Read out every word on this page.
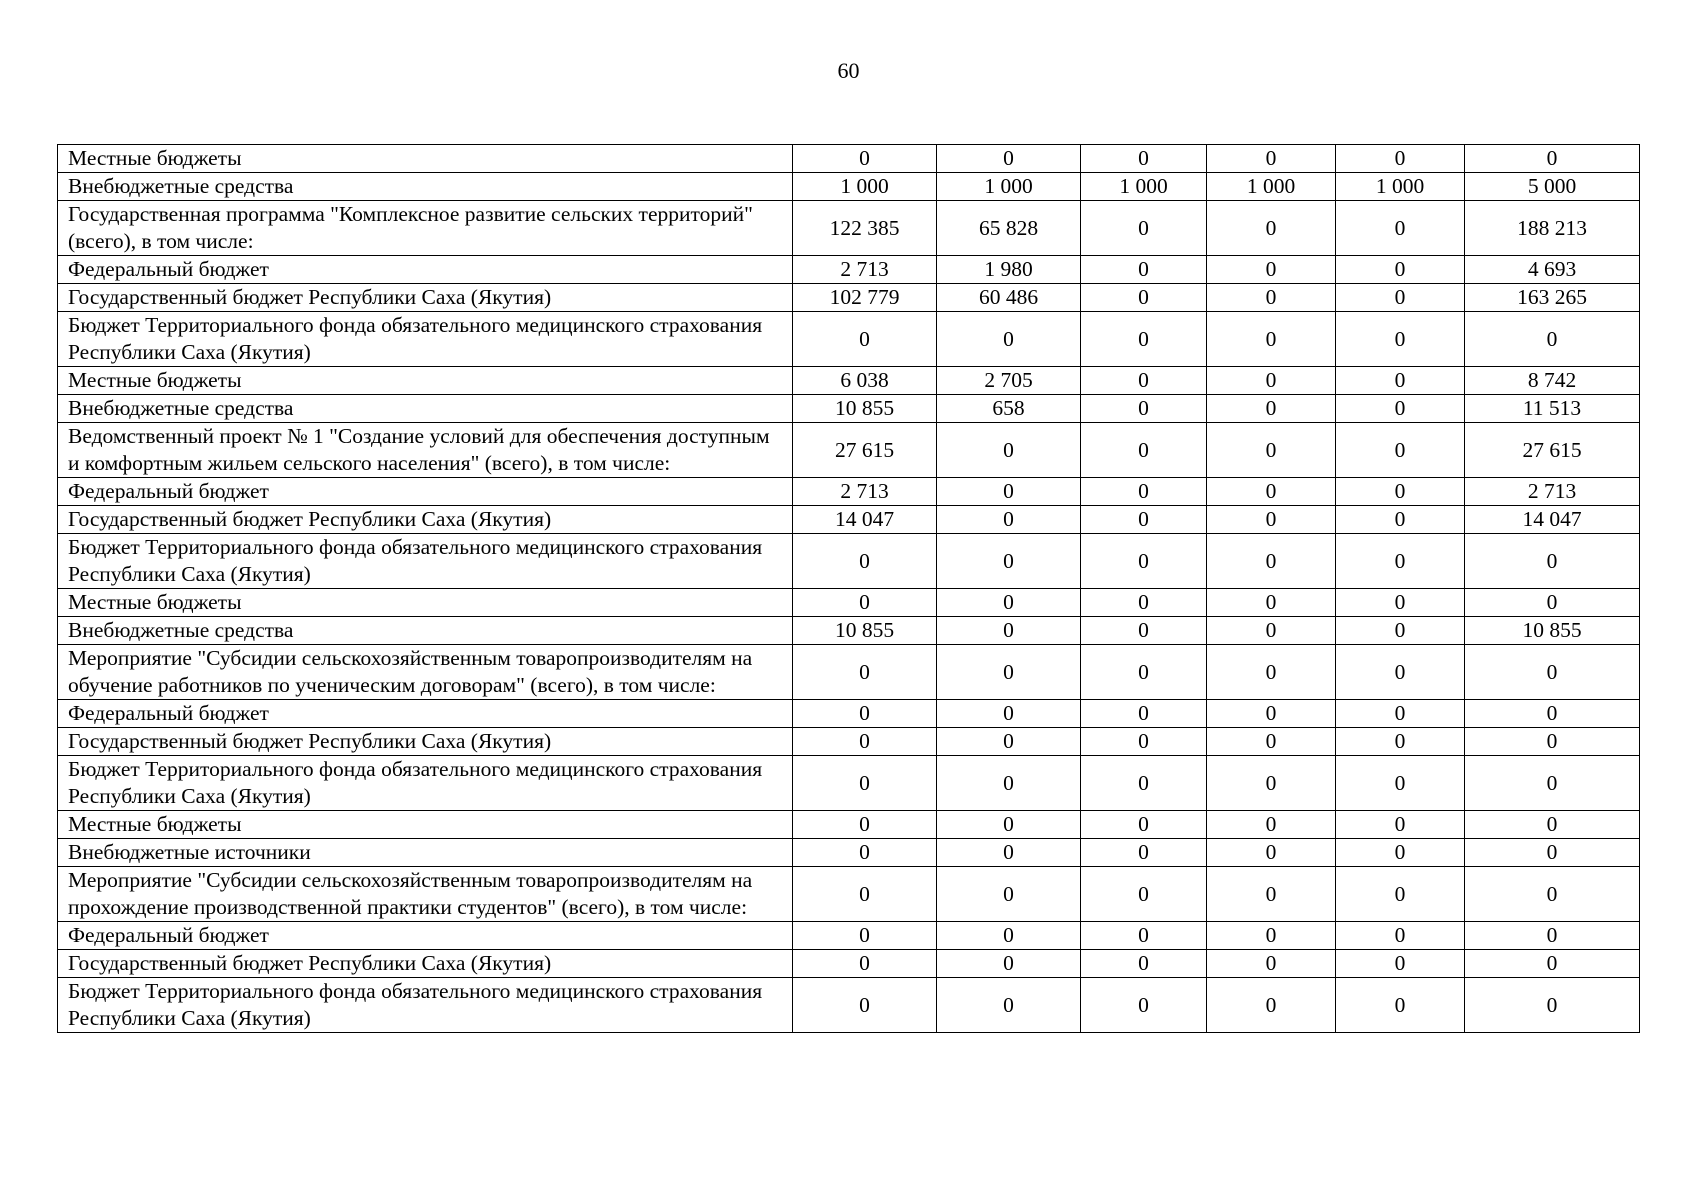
60
Местные бюджеты	0	0	0	0	0	0
Внебюджетные средства	1 000	1 000	1 000	1 000	1 000	5 000
Государственная программа "Комплексное развитие сельских территорий" (всего), в том числе:	122 385	65 828	0	0	0	188 213
Федеральный бюджет	2 713	1 980	0	0	0	4 693
Государственный бюджет Республики Саха (Якутия)	102 779	60 486	0	0	0	163 265
Бюджет Территориального фонда обязательного медицинского страхования Республики Саха (Якутия)	0	0	0	0	0	0
Местные бюджеты	6 038	2 705	0	0	0	8 742
Внебюджетные средства	10 855	658	0	0	0	11 513
Ведомственный проект № 1 "Создание условий для обеспечения доступным и комфортным жильем сельского населения" (всего), в том числе:	27 615	0	0	0	0	27 615
Федеральный бюджет	2 713	0	0	0	0	2 713
Государственный бюджет Республики Саха (Якутия)	14 047	0	0	0	0	14 047
Бюджет Территориального фонда обязательного медицинского страхования Республики Саха (Якутия)	0	0	0	0	0	0
Местные бюджеты	0	0	0	0	0	0
Внебюджетные средства	10 855	0	0	0	0	10 855
Мероприятие "Субсидии сельскохозяйственным товаропроизводителям на обучение работников по ученическим договорам" (всего), в том числе:	0	0	0	0	0	0
Федеральный бюджет	0	0	0	0	0	0
Государственный бюджет Республики Саха (Якутия)	0	0	0	0	0	0
Бюджет Территориального фонда обязательного медицинского страхования Республики Саха (Якутия)	0	0	0	0	0	0
Местные бюджеты	0	0	0	0	0	0
Внебюджетные источники	0	0	0	0	0	0
Мероприятие "Субсидии сельскохозяйственным товаропроизводителям на прохождение производственной практики студентов" (всего), в том числе:	0	0	0	0	0	0
Федеральный бюджет	0	0	0	0	0	0
Государственный бюджет Республики Саха (Якутия)	0	0	0	0	0	0
Бюджет Территориального фонда обязательного медицинского страхования Республики Саха (Якутия)	0	0	0	0	0	0
